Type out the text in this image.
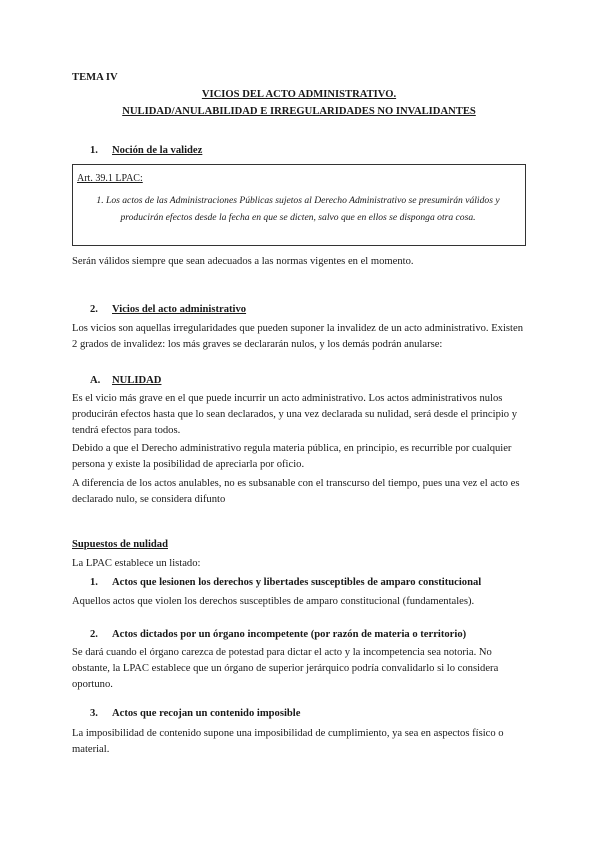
TEMA IV

VICIOS DEL ACTO ADMINISTRATIVO.

NULIDAD/ANULABILIDAD E IRREGULARIDADES NO INVALIDANTES

1. Noción de la validez

Art. 39.1 LPAC:
1. Los actos de las Administraciones Públicas sujetos al Derecho Administrativo se presumirán válidos y producirán efectos desde la fecha en que se dicten, salvo que en ellos se disponga otra cosa.

Serán válidos siempre que sean adecuados a las normas vigentes en el momento.

2. Vicios del acto administrativo

Los vicios son aquellas irregularidades que pueden suponer la invalidez de un acto administrativo. Existen 2 grados de invalidez: los más graves se declararán nulos, y los demás podrán anularse:

A. NULIDAD

Es el vicio más grave en el que puede incurrir un acto administrativo. Los actos administrativos nulos producirán efectos hasta que lo sean declarados, y una vez declarada su nulidad, será desde el principio y tendrá efectos para todos.

Debido a que el Derecho administrativo regula materia pública, en principio, es recurrible por cualquier persona y existe la posibilidad de apreciarla por oficio.

A diferencia de los actos anulables, no es subsanable con el transcurso del tiempo, pues una vez el acto es declarado nulo, se considera difunto

Supuestos de nulidad

La LPAC establece un listado:

1. Actos que lesionen los derechos y libertades susceptibles de amparo constitucional

Aquellos actos que violen los derechos susceptibles de amparo constitucional (fundamentales).

2. Actos dictados por un órgano incompetente (por razón de materia o territorio)

Se dará cuando el órgano carezca de potestad para dictar el acto y la incompetencia sea notoria. No obstante, la LPAC establece que un órgano de superior jerárquico podría convalidarlo si lo considera oportuno.

3. Actos que recojan un contenido imposible

La imposibilidad de contenido supone una imposibilidad de cumplimiento, ya sea en aspectos físico o material.
